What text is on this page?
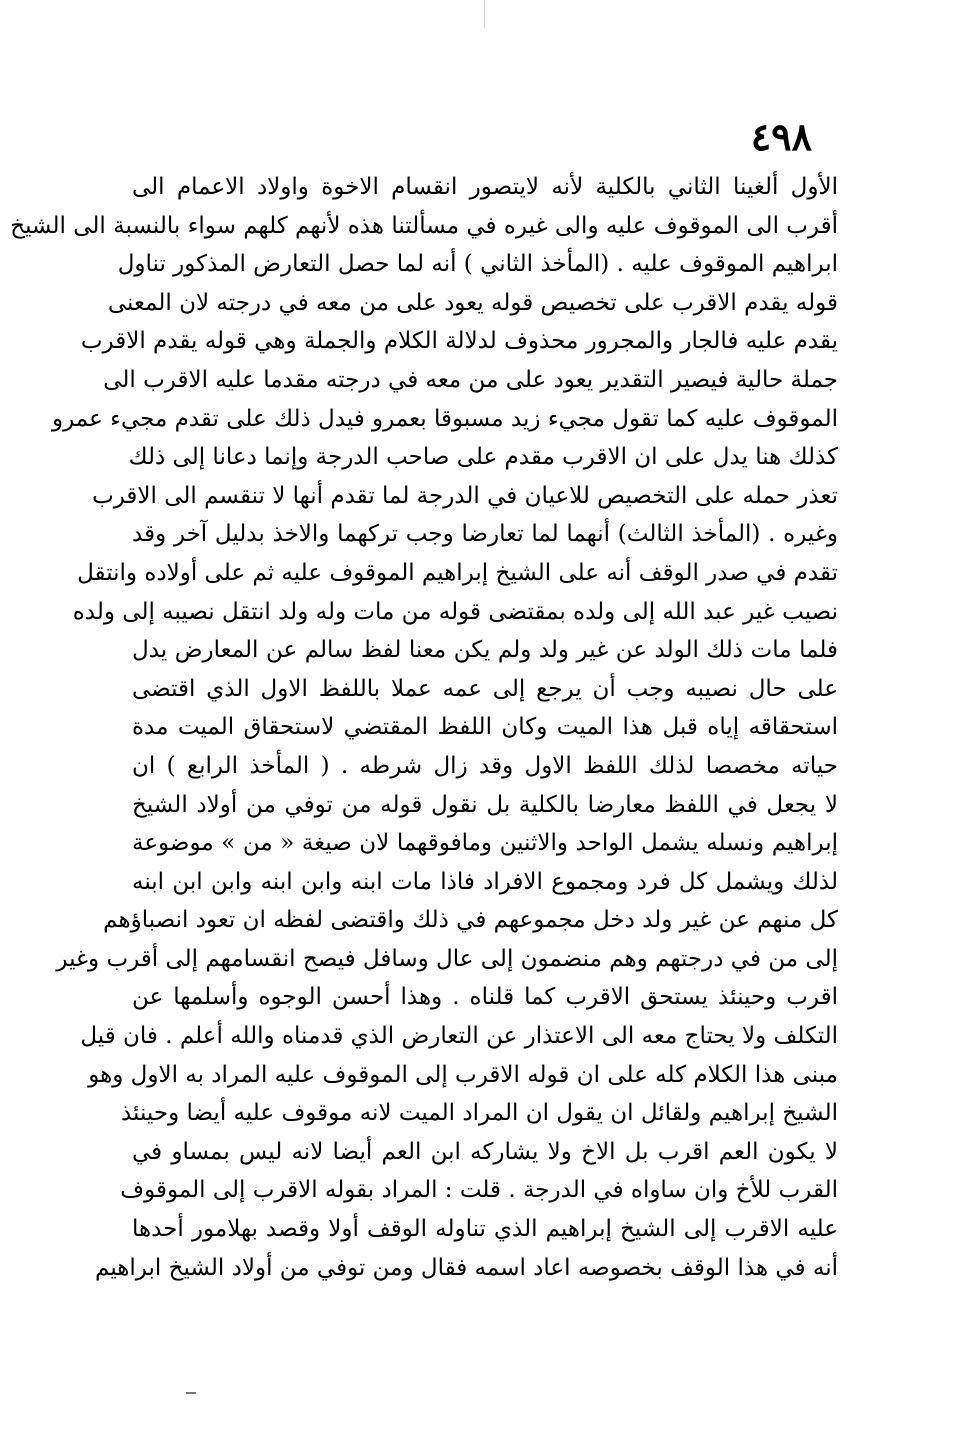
٤٩٨
الأول ألغينا الثاني بالكلية لأنه لايتصور انقسام الاخوة واولاد الاعمام الى
أقرب الى الموقوف عليه والى غيره في مسألتنا هذه لأنهم كلهم سواء بالنسبة الى الشيخ
ابراهيم الموقوف عليه . (المأخذ الثاني ) أنه لما حصل التعارض المذكور تناول
قوله يقدم الاقرب على تخصيص قوله يعود على من معه في درجته لان المعنى
يقدم عليه فالجار والمجرور محذوف لدلالة الكلام والجملة وهي قوله يقدم الاقرب
جملة حالية فيصير التقدير يعود على من معه في درجته مقدما عليه الاقرب الى
الموقوف عليه كما تقول مجيء زيد مسبوقا بعمرو فيدل ذلك على تقدم مجيء عمرو
كذلك هنا يدل على ان الاقرب مقدم على صاحب الدرجة وإنما دعانا إلى ذلك
تعذر حمله على التخصيص للاعيان في الدرجة لما تقدم أنها لا تنقسم الى الاقرب
وغيره . (المأخذ الثالث) أنهما لما تعارضا وجب تركهما والاخذ بدليل آخر وقد
تقدم في صدر الوقف أنه على الشيخ إبراهيم الموقوف عليه ثم على أولاده وانتقل
نصيب غير عبد الله إلى ولده بمقتضى قوله من مات وله ولد انتقل نصيبه إلى ولده
فلما مات ذلك الولد عن غير ولد ولم يكن معنا لفظ سالم عن المعارض يدل
على حال نصيبه وجب أن يرجع إلى عمه عملا باللفظ الاول الذي اقتضى
استحقاقه إياه قبل هذا الميت وكان اللفظ المقتضي لاستحقاق الميت مدة
حياته مخصصا لذلك اللفظ الاول وقد زال شرطه . ( المأخذ الرابع ) ان
لا يجعل في اللفظ معارضا بالكلية بل نقول قوله من توفي من أولاد الشيخ
إبراهيم ونسله يشمل الواحد والاثنين ومافوقهما لان صيغة « من » موضوعة
لذلك ويشمل كل فرد ومجموع الافراد فاذا مات ابنه وابن ابنه وابن ابن ابنه
كل منهم عن غير ولد دخل مجموعهم في ذلك واقتضى لفظه ان تعود انصباؤهم
إلى من في درجتهم وهم منضمون إلى عال وسافل فيصح انقسامهم إلى أقرب وغير
اقرب وحينئذ يستحق الاقرب كما قلناه . وهذا أحسن الوجوه وأسلمها عن
التكلف ولا يحتاج معه الى الاعتذار عن التعارض الذي قدمناه والله أعلم . فان قيل
مبنى هذا الكلام كله على ان قوله الاقرب إلى الموقوف عليه المراد به الاول وهو
الشيخ إبراهيم ولقائل ان يقول ان المراد الميت لانه موقوف عليه أيضا وحينئذ
لا يكون العم اقرب بل الاخ ولا يشاركه ابن العم أيضا لانه ليس بمساو في
القرب للأخ وان ساواه في الدرجة . قلت : المراد بقوله الاقرب إلى الموقوف
عليه الاقرب إلى الشيخ إبراهيم الذي تناوله الوقف أولا وقصد بهلامور أحدها
أنه في هذا الوقف بخصوصه اعاد اسمه فقال ومن توفي من أولاد الشيخ ابراهيم
